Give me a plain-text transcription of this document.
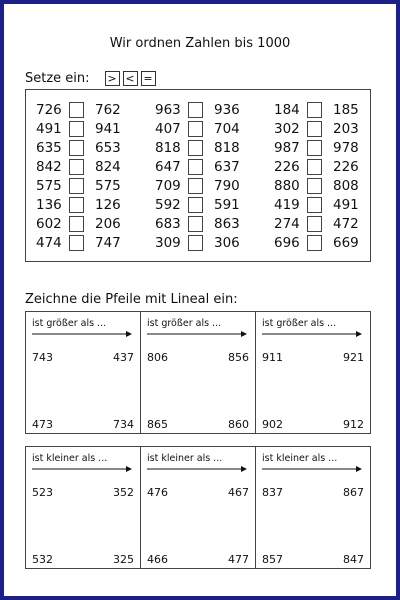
Wir ordnen Zahlen bis 1000
Setze ein: > < =
726	762
491	941
635	653
842	824
575	575
136	126
602	206
474	747
963	936
407	704
818	818
647	637
709	790
592	591
683	863
309	306
184	185
302	203
987	978
226	226
880	808
419	491
274	472
696	669
Zeichne die Pfeile mit Lineal ein:
ist größer als ...
743	437
473	734
ist größer als ...
806	856
865	860
ist größer als ...
911	921
902	912
ist kleiner als ...
523	352
532	325
ist kleiner als ...
476	467
466	477
ist kleiner als ...
837	867
857	847
